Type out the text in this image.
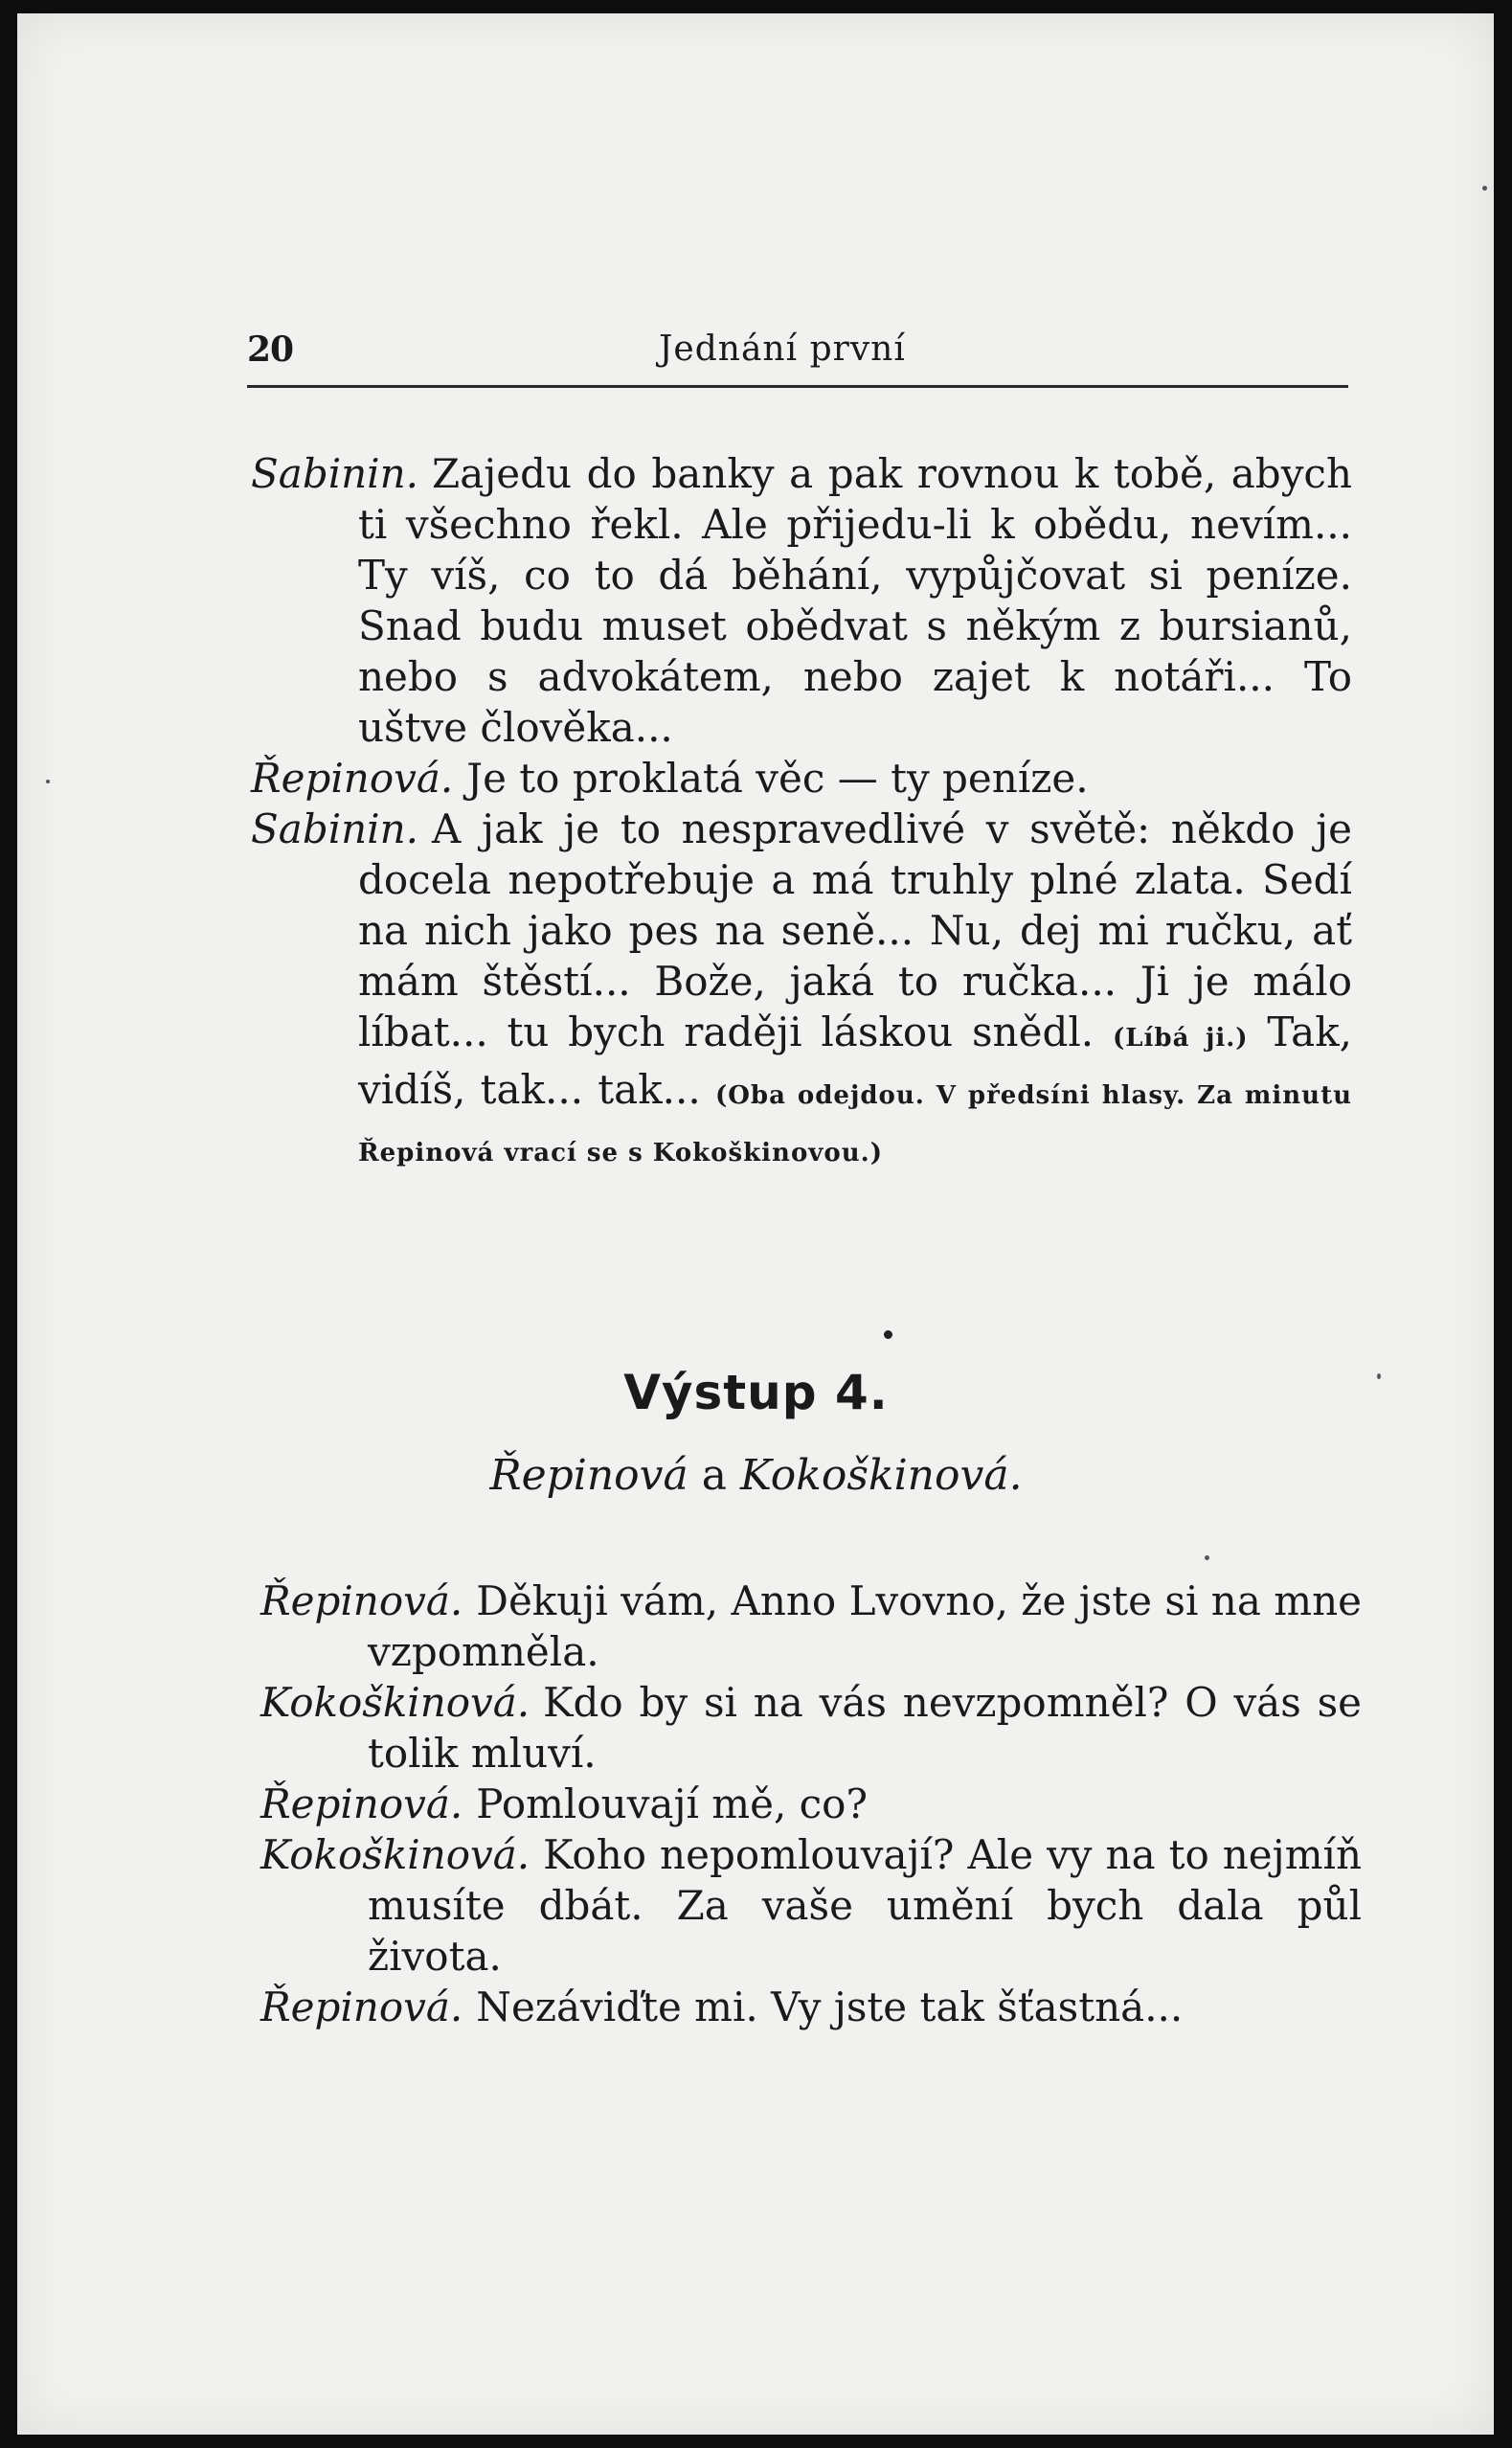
20	Jednání první

Sabinin. Zajedu do banky a pak rovnou k tobě, abych ti všechno řekl. Ale přijedu-li k obědu, nevím... Ty víš, co to dá běhání, vypůjčovat si peníze. Snad budu muset obědvat s někým z bursianů, nebo s advokátem, nebo zajet k notáři... To uštve člověka...

Řepinová. Je to proklatá věc — ty peníze.

Sabinin. A jak je to nespravedlivé v světě: někdo je docela nepotřebuje a má truhly plné zlata. Sedí na nich jako pes na seně... Nu, dej mi ručku, ať mám štěstí... Bože, jaká to ručka... Ji je málo líbat... tu bych raději láskou snědl. (Líbá ji.) Tak, vidíš, tak... tak... (Oba odejdou. V předsíni hlasy. Za minutu Řepinová vrací se s Kokoškinovou.)

Výstup 4.
Řepinová a Kokoškinová.

Řepinová. Děkuji vám, Anno Lvovno, že jste si na mne vzpomněla.

Kokoškinová. Kdo by si na vás nevzpomněl? O vás se tolik mluví.

Řepinová. Pomlouvají mě, co?

Kokoškinová. Koho nepomlouvají? Ale vy na to nejmíň musíte dbát. Za vaše umění bych dala půl života.

Řepinová. Nezáviďte mi. Vy jste tak šťastná...
